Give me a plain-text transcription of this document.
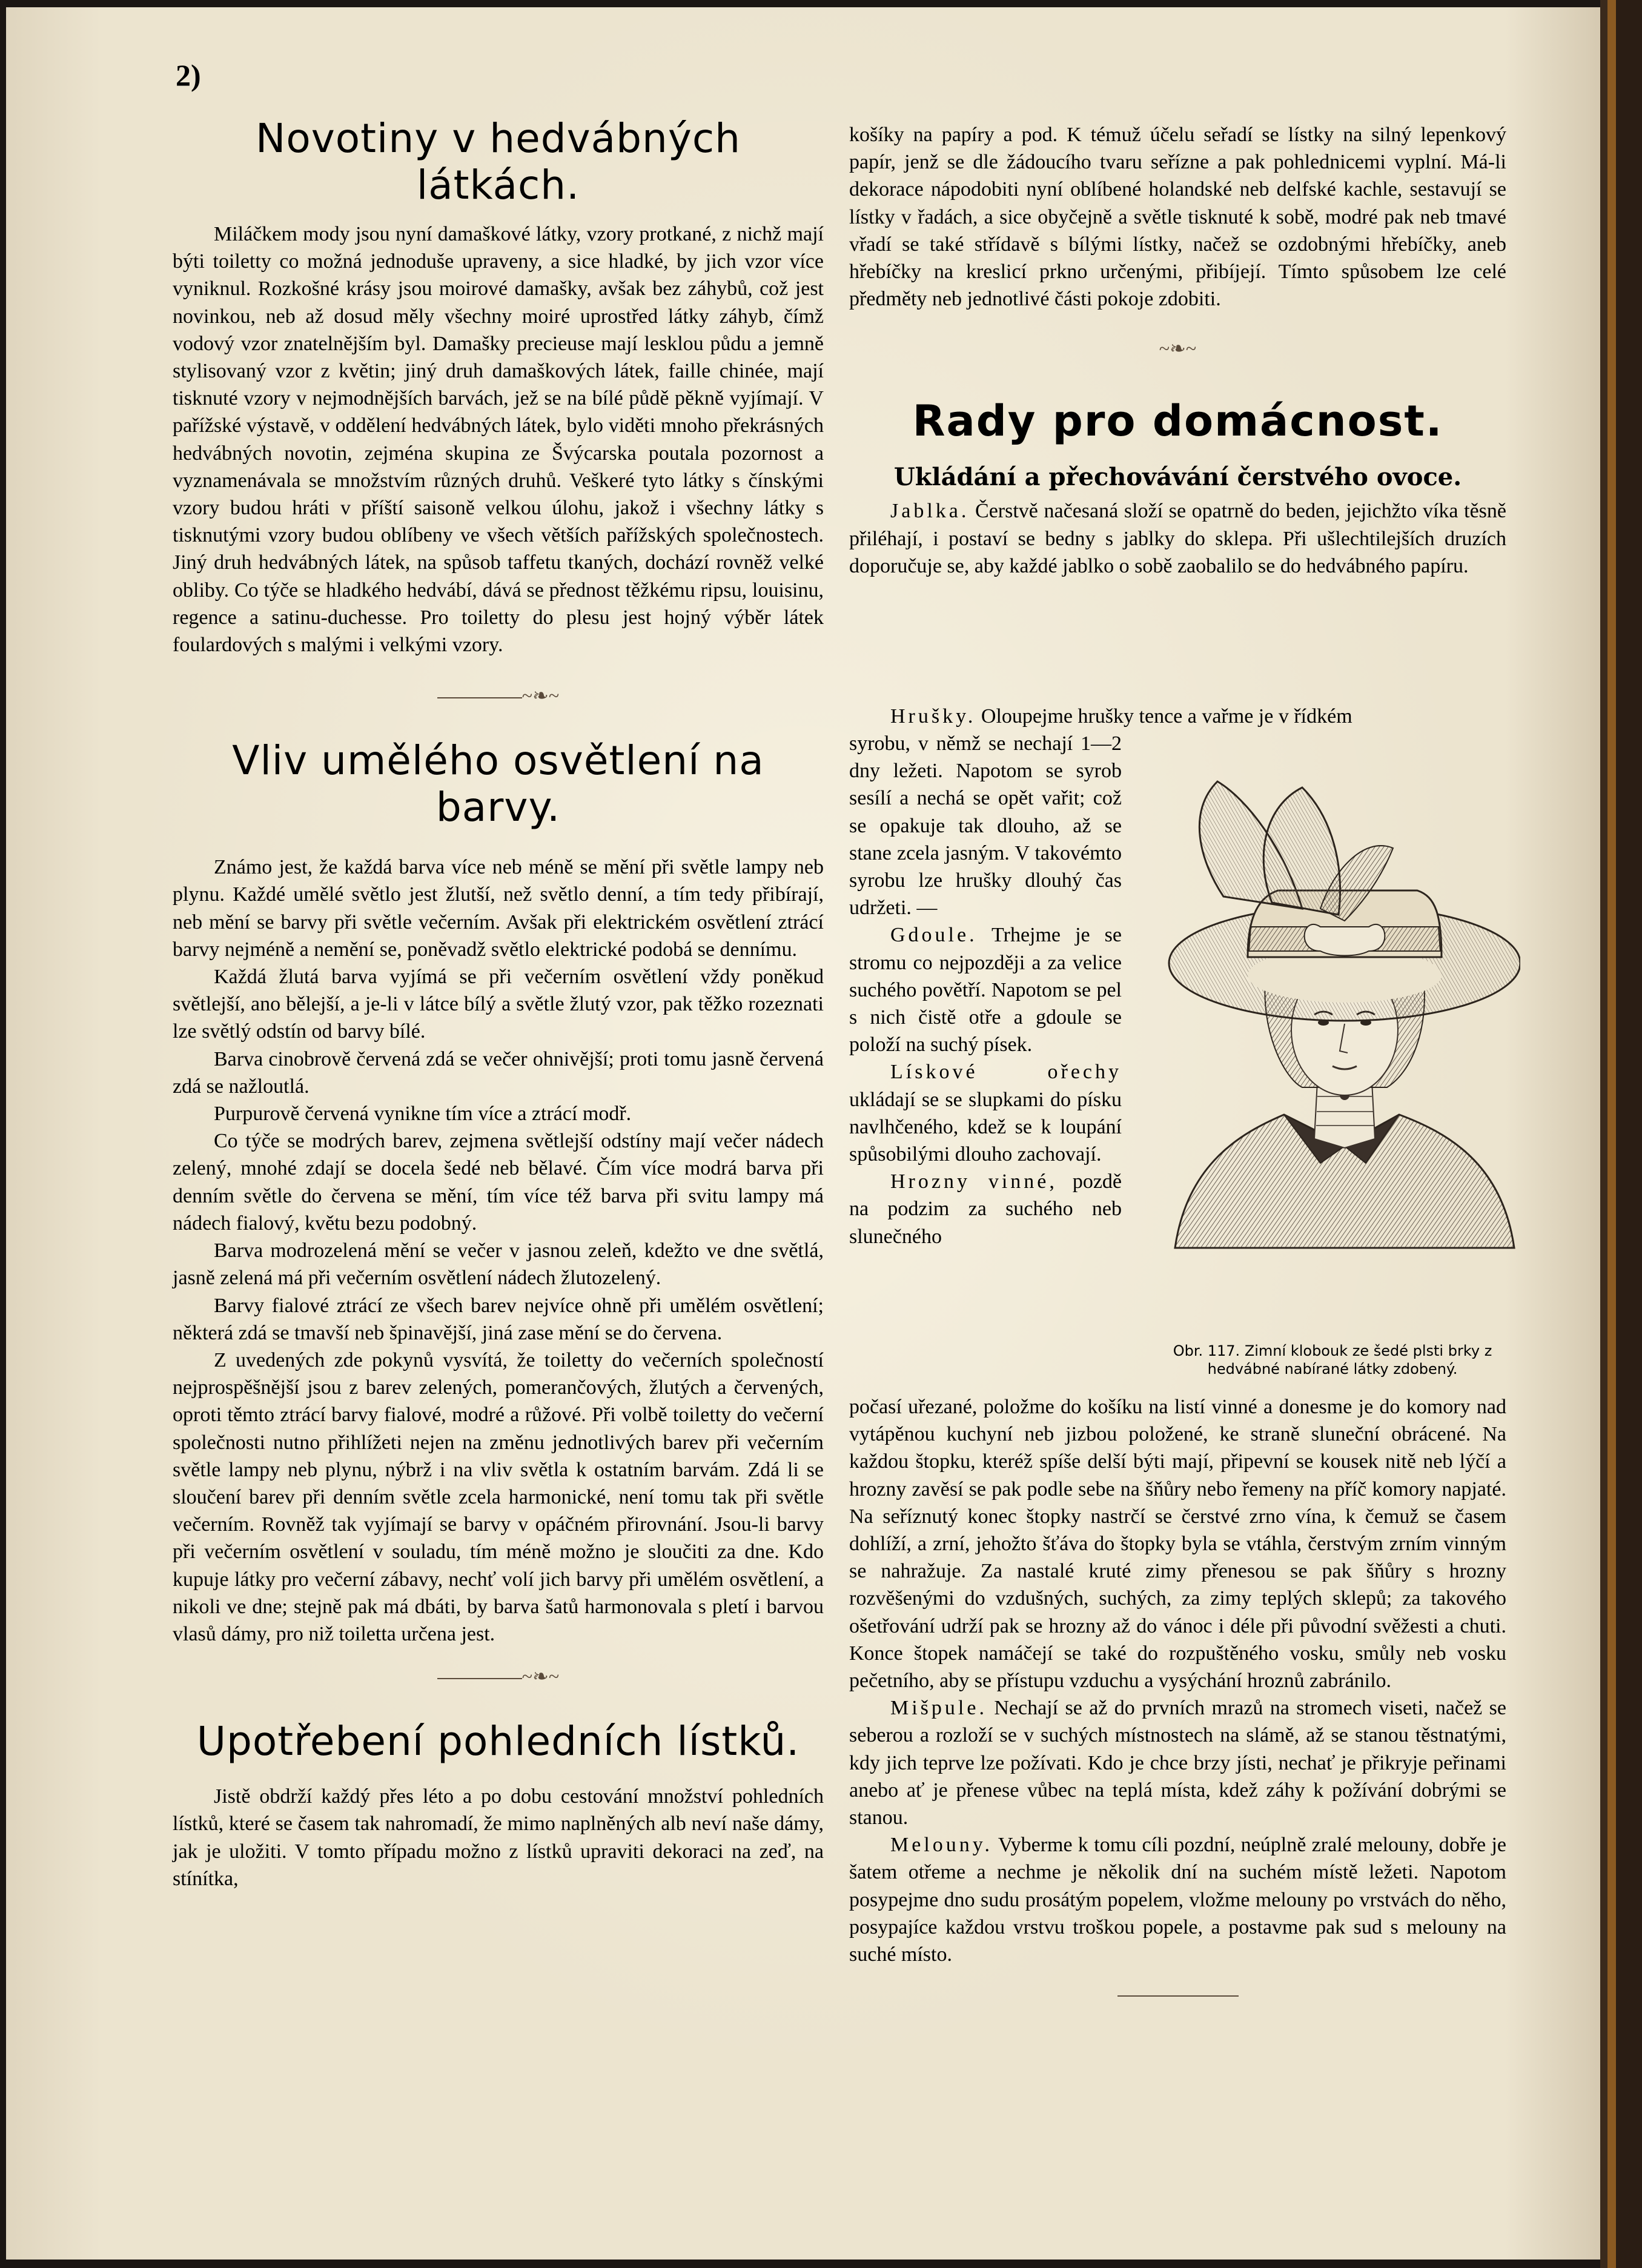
2)
Novotiny v hedvábných látkách.

Miláčkem mody jsou nyní damaškové látky, vzory protkané, z nichž mají býti toiletty co možná jednoduše upraveny, a sice hladké, by jich vzor více vyniknul. Rozkošné krásy jsou moirové damašky, avšak bez záhybů, což jest novinkou, neb až dosud měly všechny moiré uprostřed látky záhyb, čímž vodový vzor znatelnějším byl. Damašky precieuse mají lesklou půdu a jemně stylisovaný vzor z květin; jiný druh damaškových látek, faille chinée, mají tisknuté vzory v nejmodnějších barvách, jež se na bílé půdě pěkně vyjímají. V pařížské výstavě, v oddělení hedvábných látek, bylo viděti mnoho překrásných hedvábných novotin, zejména skupina ze Švýcarska poutala pozornost a vyznamenávala se množstvím různých druhů. Veškeré tyto látky s čínskými vzory budou hráti v příští saisoně velkou úlohu, jakož i všechny látky s tisknutými vzory budou oblíbeny ve všech větších pařížských společnostech. Jiný druh hedvábných látek, na spůsob taffetu tkaných, dochází rovněž velké obliby. Co týče se hladkého hedvábí, dává se přednost těžkému ripsu, louisinu, regence a satinu-duchesse. Pro toiletty do plesu jest hojný výběr látek foulardových s malými i velkými vzory.

~❧~
Vliv umělého osvětlení na barvy.

Známo jest, že každá barva více neb méně se mění při světle lampy neb plynu. Každé umělé světlo jest žlutší, než světlo denní, a tím tedy přibírají, neb mění se barvy při světle večerním. Avšak při elektrickém osvětlení ztrácí barvy nejméně a nemění se, poněvadž světlo elektrické podobá se dennímu.

Každá žlutá barva vyjímá se při večerním osvětlení vždy poněkud světlejší, ano bělejší, a je-li v látce bílý a světle žlutý vzor, pak těžko rozeznati lze světlý odstín od barvy bílé.

Barva cinobrově červená zdá se večer ohnivější; proti tomu jasně červená zdá se nažloutlá.

Purpurově červená vynikne tím více a ztrácí modř.

Co týče se modrých barev, zejmena světlejší odstíny mají večer nádech zelený, mnohé zdají se docela šedé neb bělavé. Čím více modrá barva při denním světle do červena se mění, tím více též barva při svitu lampy má nádech fialový, květu bezu podobný.

Barva modrozelená mění se večer v jasnou zeleň, kdežto ve dne světlá, jasně zelená má při večerním osvětlení nádech žlutozelený.

Barvy fialové ztrácí ze všech barev nejvíce ohně při umělém osvětlení; některá zdá se tmavší neb špinavější, jiná zase mění se do červena.

Z uvedených zde pokynů vysvítá, že toiletty do večerních společností nejprospěšnější jsou z barev zelených, pomerančových, žlutých a červených, oproti těmto ztrácí barvy fialové, modré a růžové. Při volbě toiletty do večerní společnosti nutno přihlížeti nejen na změnu jednotlivých barev při večerním světle lampy neb plynu, nýbrž i na vliv světla k ostatním barvám. Zdá li se sloučení barev při denním světle zcela harmonické, není tomu tak při světle večerním. Rovněž tak vyjímají se barvy v opáčném přirovnání. Jsou-li barvy při večerním osvětlení v souladu, tím méně možno je sloučiti za dne. Kdo kupuje látky pro večerní zábavy, nechť volí jich barvy při umělém osvětlení, a nikoli ve dne; stejně pak má dbáti, by barva šatů harmonovala s pletí i barvou vlasů dámy, pro niž toiletta určena jest.

~❧~
Upotřebení pohledních lístků.

Jistě obdrží každý přes léto a po dobu cestování množství pohledních lístků, které se časem tak nahromadí, že mimo naplněných alb neví naše dámy, jak je uložiti. V tomto případu možno z lístků upraviti dekoraci na zeď, na stínítka,

košíky na papíry a pod. K témuž účelu seřadí se lístky na silný lepenkový papír, jenž se dle žádoucího tvaru seřízne a pak pohlednicemi vyplní. Má-li dekorace nápodobiti nyní oblíbené holandské neb delfské kachle, sestavují se lístky v řadách, a sice obyčejně a světle tisknuté k sobě, modré pak neb tmavé vřadí se také střídavě s bílými lístky, načež se ozdobnými hřebíčky, aneb hřebíčky na kreslicí prkno určenými, přibíjejí. Tímto spůsobem lze celé předměty neb jednotlivé části pokoje zdobiti.

~❧~
Rady pro domácnost.
Ukládání a přechovávání čerstvého ovoce.

Jablka. Čerstvě načesaná složí se opatrně do beden, jejichžto víka těsně přiléhají, i postaví se bedny s jablky do sklepa. Při ušlechtilejších druzích doporučuje se, aby každé jablko o sobě zaobalilo se do hedvábného papíru.

Hrušky. Oloupejme hrušky tence a vařme je v řídkém

syrobu, v němž se nechají 1—2 dny ležeti. Napotom se syrob sesílí a nechá se opět vařit; což se opakuje tak dlouho, až se stane zcela jasným. V takovémto syrobu lze hrušky dlouhý čas udržeti. —

Gdoule. Trhejme je se stromu co nejpozději a za velice suchého povětří. Napotom se pel s nich čistě otře a gdoule se položí na suchý písek.

Lískové ořechy ukládají se se slupkami do písku navlhčeného, kdež se k loupání spůsobilými dlouho zachovají.

Hrozny vinné, pozdě na podzim za suchého neb slunečného

Obr. 117. Zimní klobouk ze šedé plsti brky z hedvábné nabírané látky zdobený.

počasí uřezané, položme do košíku na listí vinné a donesme je do komory nad vytápěnou kuchyní neb jizbou položené, ke straně sluneční obrácené. Na každou štopku, kteréž spíše delší býti mají, připevní se kousek nitě neb lýčí a hrozny zavěsí se pak podle sebe na šňůry nebo řemeny na příč komory napjaté. Na seříznutý konec štopky nastrčí se čerstvé zrno vína, k čemuž se časem dohlíží, a zrní, jehožto šťáva do štopky byla se vtáhla, čerstvým zrním vinným se nahražuje. Za nastalé kruté zimy přenesou se pak šňůry s hrozny rozvěšenými do vzdušných, suchých, za zimy teplých sklepů; za takového ošetřování udrží pak se hrozny až do vánoc i déle při původní svěžesti a chuti. Konce štopek namáčejí se také do rozpuštěného vosku, smůly neb vosku pečetního, aby se přístupu vzduchu a vysýchání hroznů zabránilo.

Mišpule. Nechají se až do prvních mrazů na stromech viseti, načež se seberou a rozloží se v suchých místnostech na slámě, až se stanou těstnatými, kdy jich teprve lze požívati. Kdo je chce brzy jísti, nechať je přikryje peřinami anebo ať je přenese vůbec na teplá místa, kdež záhy k požívání dobrými se stanou.

Melouny. Vyberme k tomu cíli pozdní, neúplně zralé melouny, dobře je šatem otřeme a nechme je několik dní na suchém místě ležeti. Napotom posypejme dno sudu prosátým popelem, vložme melouny po vrstvách do něho, posypajíce každou vrstvu troškou popele, a postavme pak sud s melouny na suché místo.
